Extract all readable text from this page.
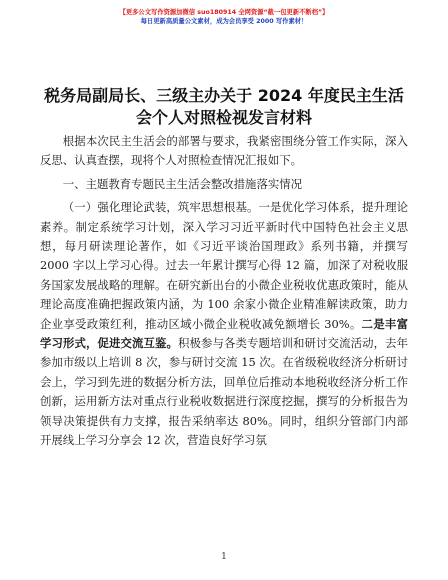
【更多公文写作资源加微信 suo180914 全网资源“截一包更新不断档”】
每日更新高质量公文素材，成为会员享受 2000 写作素材！
税务局副局长、三级主办关于 2024 年度民主生活会个人对照检视发言材料

根据本次民主生活会的部署与要求，我紧密围绕分管工作实际，深入反思、认真查摆，现将个人对照检查情况汇报如下。

一、主题教育专题民主生活会整改措施落实情况

（一）强化理论武装，筑牢思想根基。一是优化学习体系，提升理论素养。制定系统学习计划，深入学习习近平新时代中国特色社会主义思想，每月研读理论著作，如《习近平谈治国理政》系列书籍，并撰写 2000 字以上学习心得。过去一年累计撰写心得 12 篇，加深了对税收服务国家发展战略的理解。在研究新出台的小微企业税收优惠政策时，能从理论高度准确把握政策内涵，为 100 余家小微企业精准解读政策，助力企业享受政策红利，推动区域小微企业税收减免额增长 30%。二是丰富学习形式，促进交流互鉴。积极参与各类专题培训和研讨交流活动，去年参加市级以上培训 8 次，参与研讨交流 15 次。在省级税收经济分析研讨会上，学习到先进的数据分析方法，回单位后推动本地税收经济分析工作创新，运用新方法对重点行业税收数据进行深度挖掘，撰写的分析报告为领导决策提供有力支撑，报告采纳率达 80%。同时，组织分管部门内部开展线上学习分享会 12 次，营造良好学习氛

1
